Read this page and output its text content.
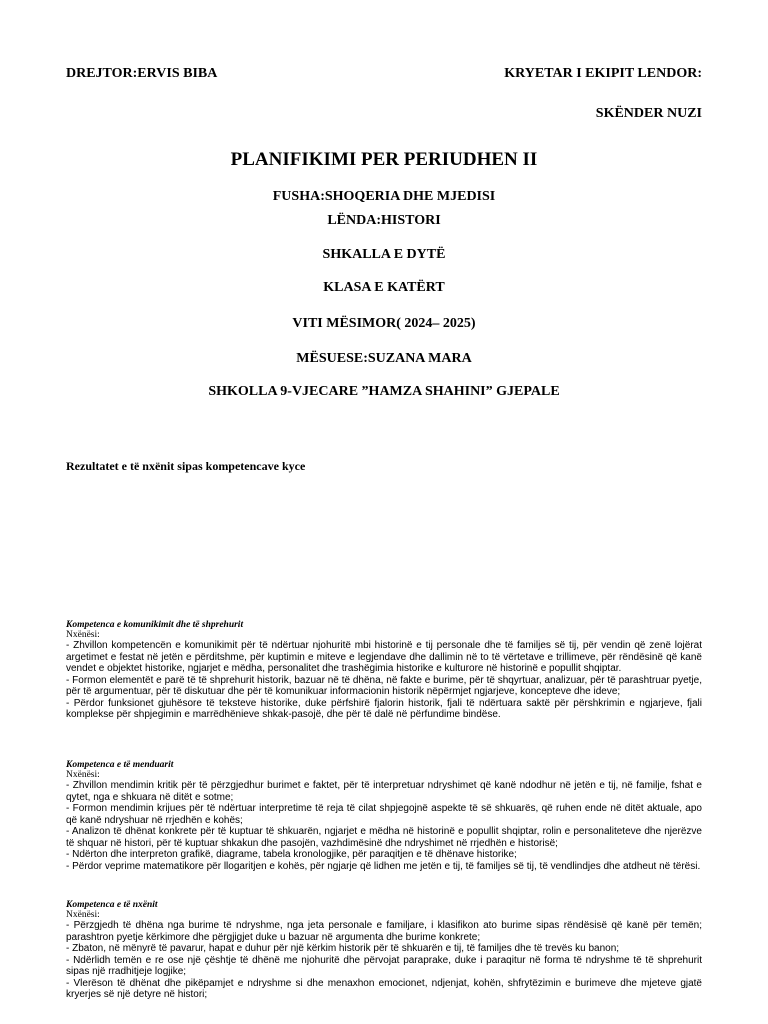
DREJTOR:ERVIS BIBA	KRYETAR I EKIPIT LENDOR:
SKËNDER NUZI
PLANIFIKIMI PER PERIUDHEN II
FUSHA:SHOQERIA DHE MJEDISI
LËNDA:HISTORI
SHKALLA E DYTË
KLASA E KATËRT
VITI MËSIMOR( 2024– 2025)
MËSUESE:SUZANA MARA
SHKOLLA 9-VJECARE ”HAMZA SHAHINI” GJEPALE
Rezultatet e të nxënit sipas kompetencave kyce
Kompetenca e komunikimit dhe të shprehurit
Nxënësi:

- Zhvillon kompetencën e komunikimit për të ndërtuar njohuritë mbi historinë e tij personale dhe të familjes së tij, për vendin që zenë lojërat argetimet e festat në jetën e përditshme, për kuptimin e miteve e legjendave dhe dallimin në to të vërtetave e trillimeve, për rëndësinë që kanë vendet e objektet historike, ngjarjet e mëdha, personalitet dhe trashëgimia historike e kulturore në historinë e popullit shqiptar.

- Formon elementët e parë të të shprehurit historik, bazuar në të dhëna, në fakte e burime, për të shqyrtuar, analizuar, për të parashtruar pyetje, për të argumentuar, për të diskutuar dhe për të komunikuar informacionin historik nëpërmjet ngjarjeve, koncepteve dhe ideve;

- Përdor funksionet gjuhësore të teksteve historike, duke përfshirë fjalorin historik, fjali të ndërtuara saktë për përshkrimin e ngjarjeve, fjali komplekse për shpjegimin e marrëdhënieve shkak-pasojë, dhe për të dalë në përfundime bindëse.

Kompetenca e të menduarit
Nxënësi:

- Zhvillon mendimin kritik për të përzgjedhur burimet e faktet, për të interpretuar ndryshimet që kanë ndodhur në jetën e tij, në familje, fshat e qytet, nga e shkuara në ditët e sotme;

- Formon mendimin krijues për të ndërtuar interpretime të reja të cilat shpjegojnë aspekte të së shkuarës, që ruhen ende në ditët aktuale, apo që kanë ndryshuar në rrjedhën e kohës;

- Analizon të dhënat konkrete për të kuptuar të shkuarën, ngjarjet e mëdha në historinë e popullit shqiptar, rolin e personaliteteve dhe njerëzve të shquar në histori, për të kuptuar shkakun dhe pasojën, vazhdimësinë dhe ndryshimet në rrjedhën e historisë;

- Ndërton dhe interpreton grafikë, diagrame, tabela kronologjike, për paraqitjen e të dhënave historike;

- Përdor veprime matematikore për llogaritjen e kohës, për ngjarje që lidhen me jetën e tij, të familjes së tij, të vendlindjes dhe atdheut në tërësi.

Kompetenca e të nxënit
Nxënësi:

- Përzgjedh të dhëna nga burime të ndryshme, nga jeta personale e familjare, i klasifikon ato burime sipas rëndësisë që kanë për temën; parashtron pyetje kërkimore dhe përgjigjet duke u bazuar në argumenta dhe burime konkrete;

- Zbaton, në mënyrë të pavarur, hapat e duhur për një kërkim historik për të shkuarën e tij, të familjes dhe të trevës ku banon;

- Ndërlidh temën e re ose një çështje të dhënë me njohuritë dhe përvojat paraprake, duke i paraqitur në forma të ndryshme të të shprehurit sipas një rradhitjeje logjike;

- Vlerëson të dhënat dhe pikëpamjet e ndryshme si dhe menaxhon emocionet, ndjenjat, kohën, shfrytëzimin e burimeve dhe mjeteve gjatë kryerjes së një detyre në histori;
